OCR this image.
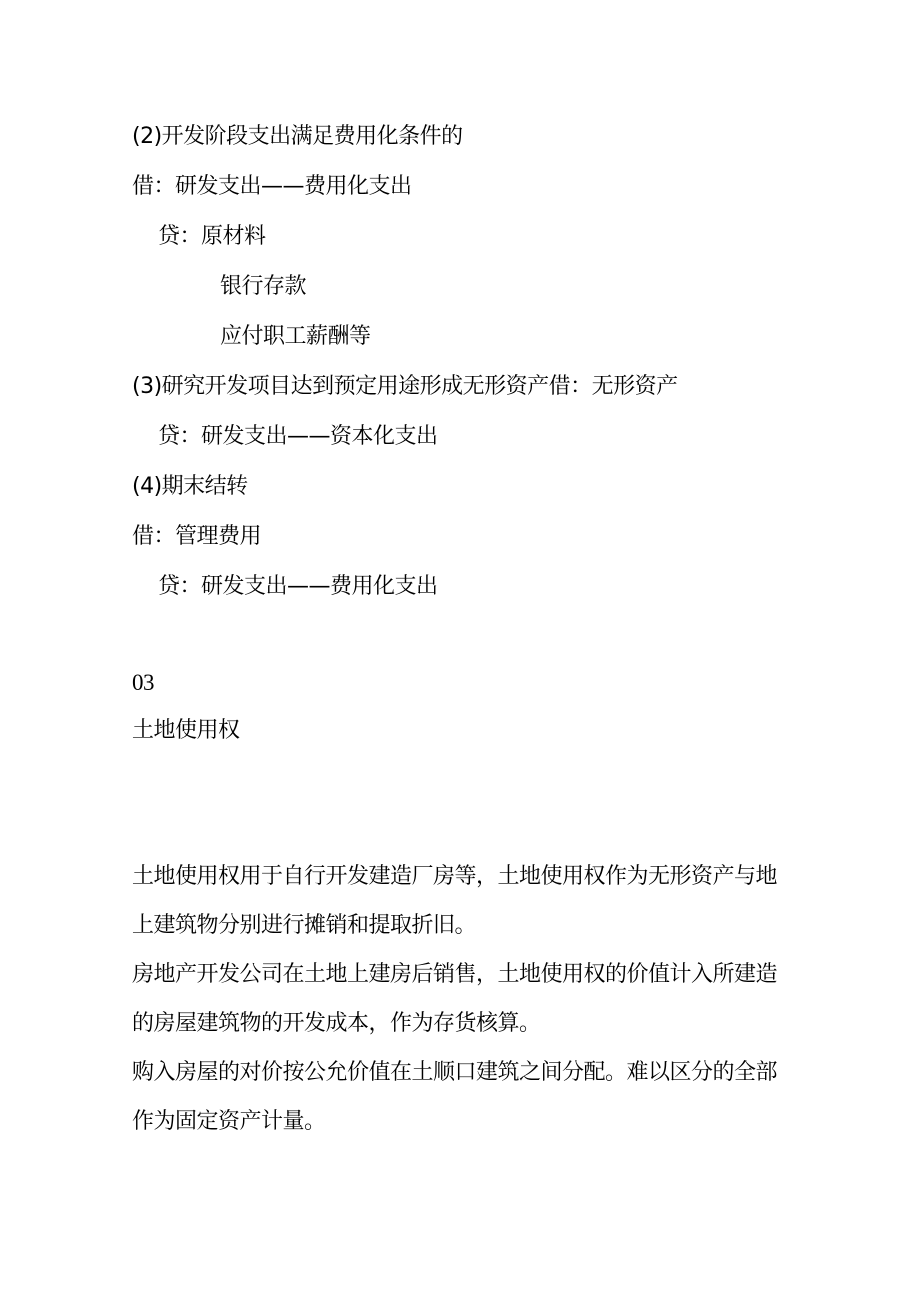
(2)开发阶段支出满足费用化条件的
借：研发支出——费用化支出
贷：原材料
银行存款
应付职工薪酬等
(3)研究开发项目达到预定用途形成无形资产借：无形资产
贷：研发支出——资本化支出
(4)期末结转
借：管理费用
贷：研发支出——费用化支出
03
土地使用权

土地使用权用于自行开发建造厂房等，土地使用权作为无形资产与地上建筑物分别进行摊销和提取折旧。

房地产开发公司在土地上建房后销售，土地使用权的价值计入所建造的房屋建筑物的开发成本，作为存货核算。

购入房屋的对价按公允价值在土顺口建筑之间分配。难以区分的全部作为固定资产计量。
